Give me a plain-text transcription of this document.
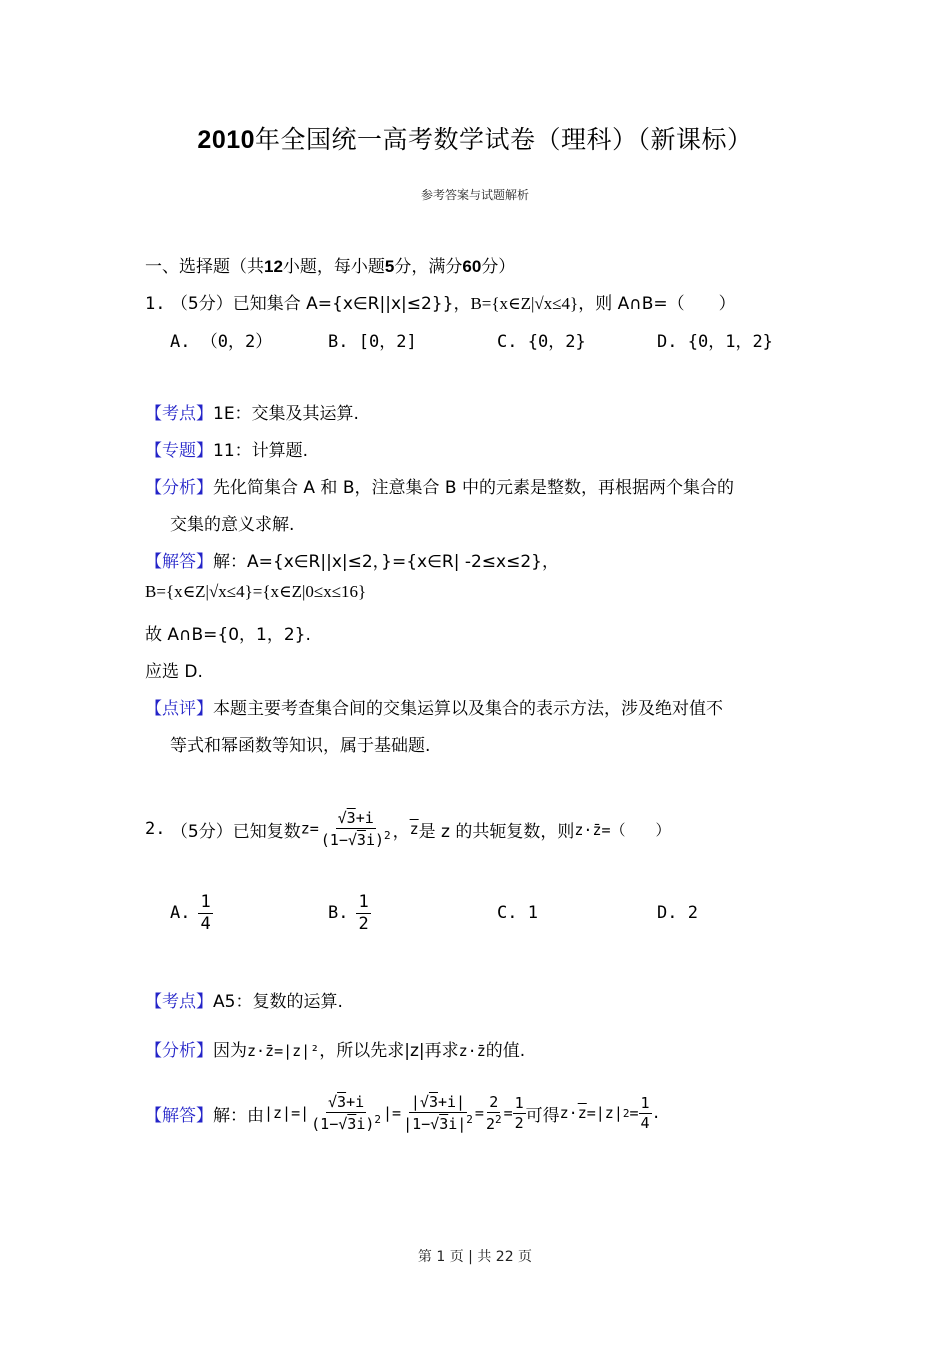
2010年全国统一高考数学试卷（理科）（新课标）
参考答案与试题解析
一、选择题（共12小题，每小题5分，满分60分）
1. （5分）已知集合 A={x∈R||x|≤2}}，B={x∈Z|√x≤4}，则 A∩B=（　　）
A. （0，2）	B. [0，2]	C. {0，2}	D. {0，1，2}
【考点】1E：交集及其运算.
【专题】11：计算题.
【分析】先化简集合 A 和 B，注意集合 B 中的元素是整数，再根据两个集合的
交集的意义求解.
【解答】解：A={x∈R||x|≤2，}={x∈R| -2≤x≤2}，
B={x∈Z|√x≤4}={x∈Z|0≤x≤16}
故 A∩B={0，1，2}.
应选 D.
【点评】本题主要考查集合间的交集运算以及集合的表示方法，涉及绝对值不
等式和幂函数等知识，属于基础题.
2.
（5分） 已知复数 $z= \frac{√3+i}{(1-√3i)^2}$ ， $\overline{z}$ 是 z 的共轭复数，则 z·z̄=（　　）
A. $\frac{1}{4}$	B. $\frac{1}{2}$	C. 1	D. 2
【考点】A5：复数的运算.
【分析】因为z·z̄=|z|²，所以先求|z|再求z·z̄的值.
【解答】 解：由 $|z|=| \frac{√3+i}{(1-√3i)^2}$ |= $\frac{|√3+i|}{|1-√3i|^2} = \frac{2}{2^2} = \frac{1}{2}$ 可得 $z\cdot \overline{z} =|z|$ $2 = \frac{1}{4}$ .
第 1 页 | 共 22 页
